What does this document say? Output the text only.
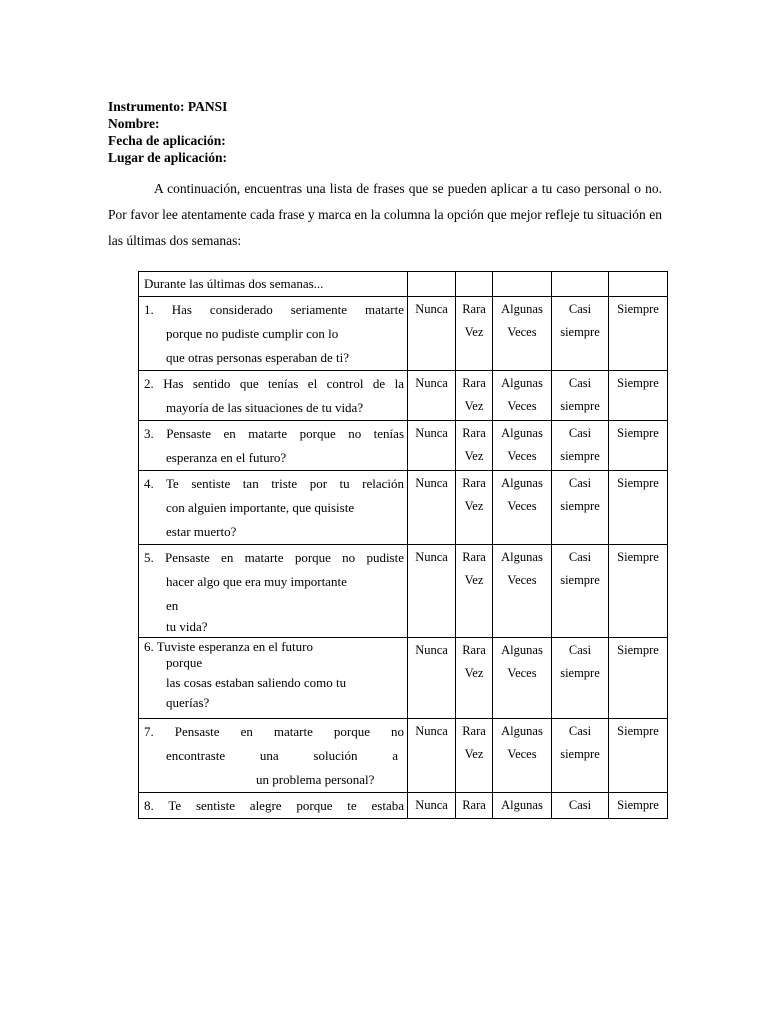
Instrumento: PANSI
Nombre:
Fecha de aplicación:
Lugar de aplicación:

A continuación, encuentras una lista de frases que se pueden aplicar a tu caso personal o no. Por favor lee atentamente cada frase y marca en la columna la opción que mejor refleje tu situación en las últimas dos semanas:

Durante las últimas dos semanas...					

1. Has considerado seriamente matarte
porque no pudiste cumplir con lo
que otras personas esperaban de ti?	Nunca	Rara
Vez	Algunas
Veces	Casi
siempre	Siempre

2. Has sentido que tenías el control de la
mayoría de las situaciones de tu vida?	Nunca	Rara
Vez	Algunas
Veces	Casi
siempre	Siempre

3. Pensaste en matarte porque no tenías
esperanza en el futuro?	Nunca	Rara
Vez	Algunas
Veces	Casi
siempre	Siempre

4. Te sentiste tan triste por tu relación
con alguien importante, que quisiste
estar muerto?	Nunca	Rara
Vez	Algunas
Veces	Casi
siempre	Siempre

5. Pensaste en matarte porque no pudiste
hacer algo que era muy importante
en
tu vida?	Nunca	Rara
Vez	Algunas
Veces	Casi
siempre	Siempre

6. Tuviste esperanza en el futuro
porque
las cosas estaban saliendo como tu
querías?	Nunca	Rara
Vez	Algunas
Veces	Casi
siempre	Siempre

7. Pensaste en matarte porque no
encontraste una solución a
un problema personal?	Nunca	Rara
Vez	Algunas
Veces	Casi
siempre	Siempre

8. Te sentiste alegre porque te estaba	Nunca	Rara	Algunas	Casi	Siempre
